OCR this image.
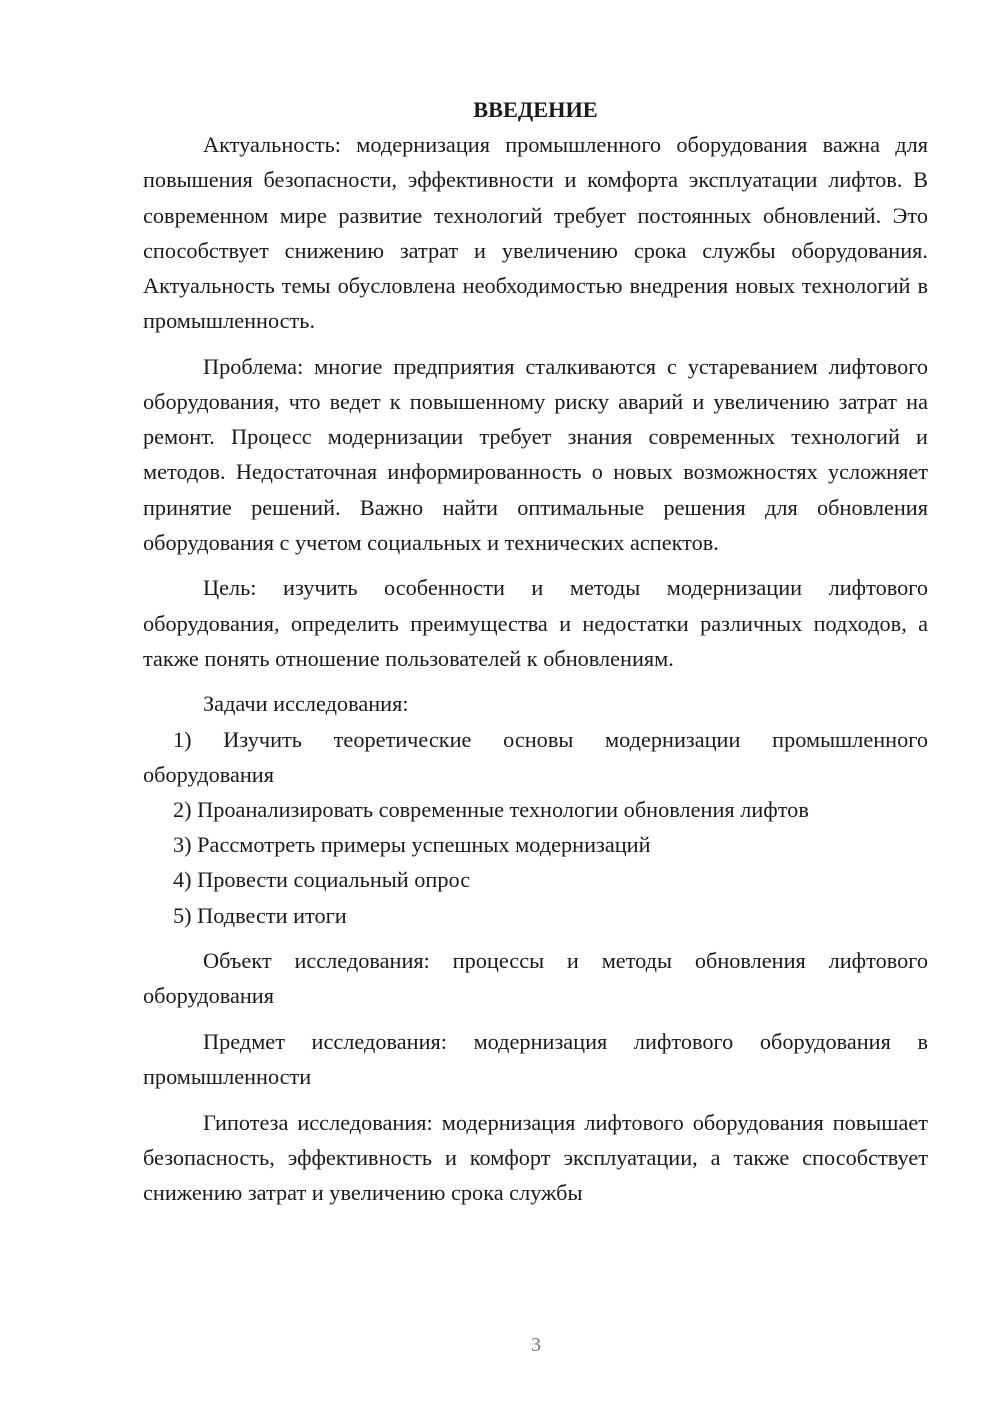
ВВЕДЕНИЕ

Актуальность: модернизация промышленного оборудования важна для повышения безопасности, эффективности и комфорта эксплуатации лифтов. В современном мире развитие технологий требует постоянных обновлений. Это способствует снижению затрат и увеличению срока службы оборудования. Актуальность темы обусловлена необходимостью внедрения новых технологий в промышленность.

Проблема: многие предприятия сталкиваются с устареванием лифтового оборудования, что ведет к повышенному риску аварий и увеличению затрат на ремонт. Процесс модернизации требует знания современных технологий и методов. Недостаточная информированность о новых возможностях усложняет принятие решений. Важно найти оптимальные решения для обновления оборудования с учетом социальных и технических аспектов.

Цель: изучить особенности и методы модернизации лифтового оборудования, определить преимущества и недостатки различных подходов, а также понять отношение пользователей к обновлениям.

Задачи исследования:

1) Изучить теоретические основы модернизации промышленного оборудования

2) Проанализировать современные технологии обновления лифтов

3) Рассмотреть примеры успешных модернизаций

4) Провести социальный опрос

5) Подвести итоги

Объект исследования: процессы и методы обновления лифтового оборудования

Предмет исследования: модернизация лифтового оборудования в промышленности

Гипотеза исследования: модернизация лифтового оборудования повышает безопасность, эффективность и комфорт эксплуатации, а также способствует снижению затрат и увеличению срока службы

3
